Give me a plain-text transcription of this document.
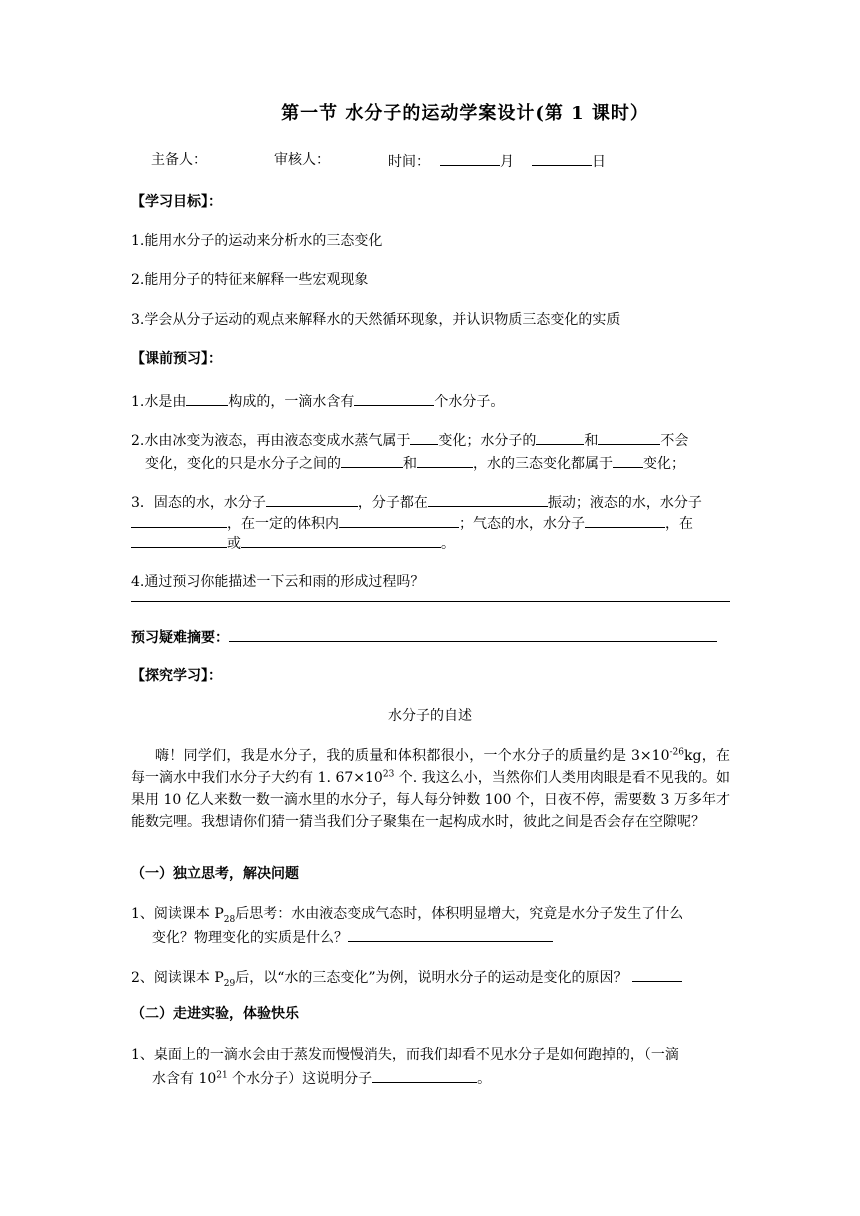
第一节 水分子的运动学案设计(第 1 课时）
主备人：	审核人：	时间：	月	日
【学习目标】：
1.能用水分子的运动来分析水的三态变化
2.能用分子的特征来解释一些宏观现象
3.学会从分子运动的观点来解释水的天然循环现象，并认识物质三态变化的实质
【课前预习】：
1.水是由	构成的，一滴水含有	个水分子。
2.水由冰变为液态，再由液态变成水蒸气属于 变化；水分子的	和	不会
变化，变化的只是水分子之间的	和	，水的三态变化都属于 变化；
3．固态的水，水分子	，分子都在	振动；液态的水，水分子
，在一定的体积内	；气态的水，水分子	，在
或	。
4.通过预习你能描述一下云和雨的形成过程吗？
预习疑难摘要：
【探究学习】：
水分子的自述
嗨！同学们，我是水分子，我的质量和体积都很小，一个水分子的质量约是 $3\times 10^{-26}kg$，在每一滴水中我们水分子大约有 1. $67\times 10^{23}$ 个. 我这么小，当然你们人类用肉眼是看不见我的。如果用 10 亿人来数一数一滴水里的水分子，每人每分钟数 100 个，日夜不停，需要数 3 万多年才能数完哩。我想请你们猜一猜当我们分子聚集在一起构成水时，彼此之间是否会存在空隙呢？
（一）独立思考，解决问题
1、阅读课本 $P_{28}$后思考：水由液态变成气态时，体积明显增大，究竟是水分子发生了什么
变化？物理变化的实质是什么？
2、阅读课本 $P_{29}$后，以“水的三态变化”为例，说明水分子的运动是变化的原因？
（二）走进实验，体验快乐
1、桌面上的一滴水会由于蒸发而慢慢消失，而我们却看不见水分子是如何跑掉的，（一滴
水含有 $10^{21}$ 个水分子）这说明分子	。
